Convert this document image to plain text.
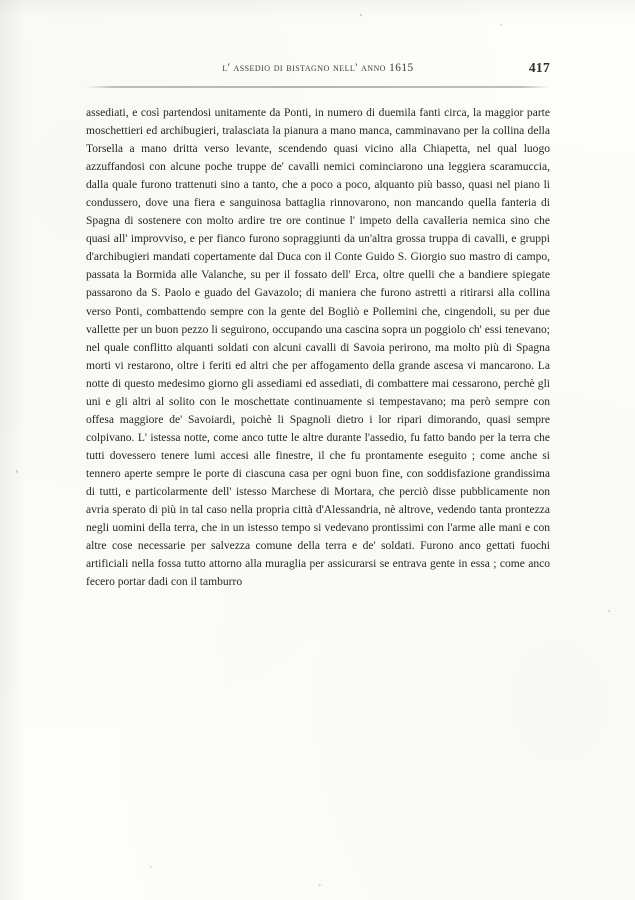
l' assedio di bistagno nell' anno 1615	417

assediati, e così partendosi unitamente da Ponti, in numero di duemila fanti circa, la maggior parte moschettieri ed archibugieri, tralasciata la pianura a mano manca, camminavano per la collina della Torsella a mano dritta verso levante, scendendo quasi vicino alla Chiapetta, nel qual luogo azzuffandosi con alcune poche truppe de' cavalli nemici cominciarono una leggiera scaramuccia, dalla quale furono trattenuti sino a tanto, che a poco a poco, alquanto più basso, quasi nel piano li condussero, dove una fiera e sanguinosa battaglia rinnovarono, non mancando quella fanteria di Spagna di sostenere con molto ardire tre ore continue l' impeto della cavalleria nemica sino che quasi all' improvviso, e per fianco furono sopraggiunti da un'altra grossa truppa di cavalli, e gruppi d'archibugieri mandati copertamente dal Duca con il Conte Guido S. Giorgio suo mastro di campo, passata la Bormida alle Valanche, su per il fossato dell' Erca, oltre quelli che a bandiere spiegate passarono da S. Paolo e guado del Gavazolo; di maniera che furono astretti a ritirarsi alla collina verso Ponti, combattendo sempre con la gente del Bogliò e Pollemini che, cingendoli, su per due vallette per un buon pezzo li seguirono, occupando una cascina sopra un poggiolo ch' essi tenevano; nel quale conflitto alquanti soldati con alcuni cavalli di Savoia perirono, ma molto più di Spagna morti vi restarono, oltre i feriti ed altri che per affogamento della grande ascesa vi mancarono. La notte di questo medesimo giorno gli assediami ed assediati, di combattere mai cessarono, perchè gli uni e gli altri al solito con le moschettate continuamente si tempestavano; ma però sempre con offesa maggiore de' Savoiardi, poichè li Spagnoli dietro i lor ripari dimorando, quasi sempre colpivano. L' istessa notte, come anco tutte le altre durante l'assedio, fu fatto bando per la terra che tutti dovessero tenere lumi accesi alle finestre, il che fu prontamente eseguito ; come anche si tennero aperte sempre le porte di ciascuna casa per ogni buon fine, con soddisfazione grandissima di tutti, e particolarmente dell' istesso Marchese di Mortara, che perciò disse pubblicamente non avria sperato di più in tal caso nella propria città d'Alessandria, nè altrove, vedendo tanta prontezza negli uomini della terra, che in un istesso tempo si vedevano prontissimi con l'arme alle mani e con altre cose necessarie per salvezza comune della terra e de' soldati. Furono anco gettati fuochi artificiali nella fossa tutto attorno alla muraglia per assicurarsi se entrava gente in essa ; come anco fecero portar dadi con il tamburro
